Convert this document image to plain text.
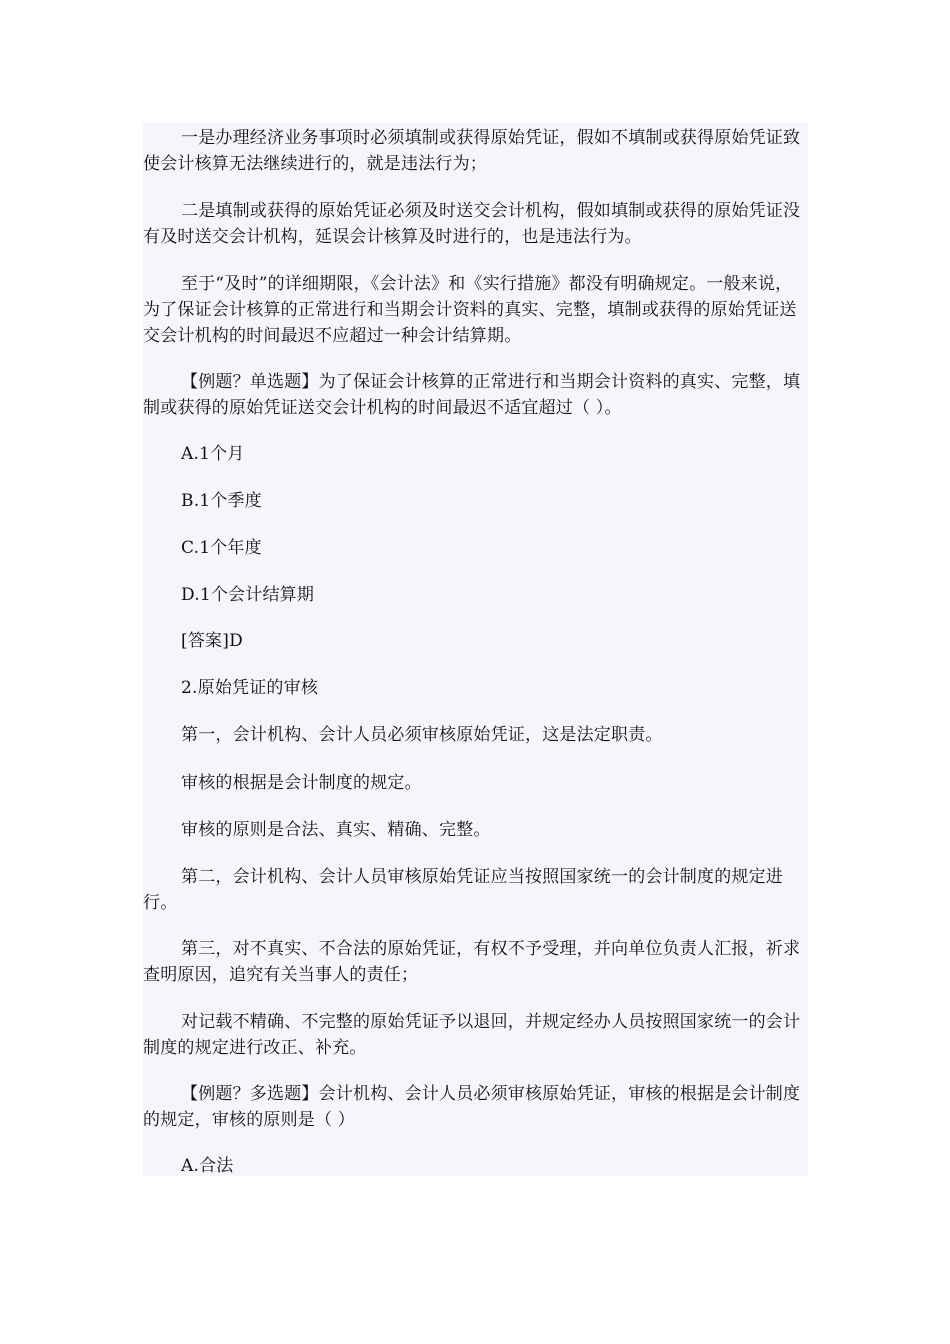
一是办理经济业务事项时必须填制或获得原始凭证，假如不填制或获得原始凭证致使会计核算无法继续进行的，就是违法行为；

二是填制或获得的原始凭证必须及时送交会计机构，假如填制或获得的原始凭证没有及时送交会计机构，延误会计核算及时进行的，也是违法行为。

至于“及时”的详细期限，《会计法》和《实行措施》都没有明确规定。一般来说，为了保证会计核算的正常进行和当期会计资料的真实、完整，填制或获得的原始凭证送交会计机构的时间最迟不应超过一种会计结算期。

【例题？单选题】为了保证会计核算的正常进行和当期会计资料的真实、完整，填制或获得的原始凭证送交会计机构的时间最迟不适宜超过（ ）。

A.1个月

B.1个季度

C.1个年度

D.1个会计结算期

[答案]D

2.原始凭证的审核

第一，会计机构、会计人员必须审核原始凭证，这是法定职责。

审核的根据是会计制度的规定。

审核的原则是合法、真实、精确、完整。

第二，会计机构、会计人员审核原始凭证应当按照国家统一的会计制度的规定进行。

第三，对不真实、不合法的原始凭证，有权不予受理，并向单位负责人汇报，祈求查明原因，追究有关当事人的责任；

对记载不精确、不完整的原始凭证予以退回，并规定经办人员按照国家统一的会计制度的规定进行改正、补充。

【例题？多选题】会计机构、会计人员必须审核原始凭证，审核的根据是会计制度的规定，审核的原则是（ ）

A.合法
